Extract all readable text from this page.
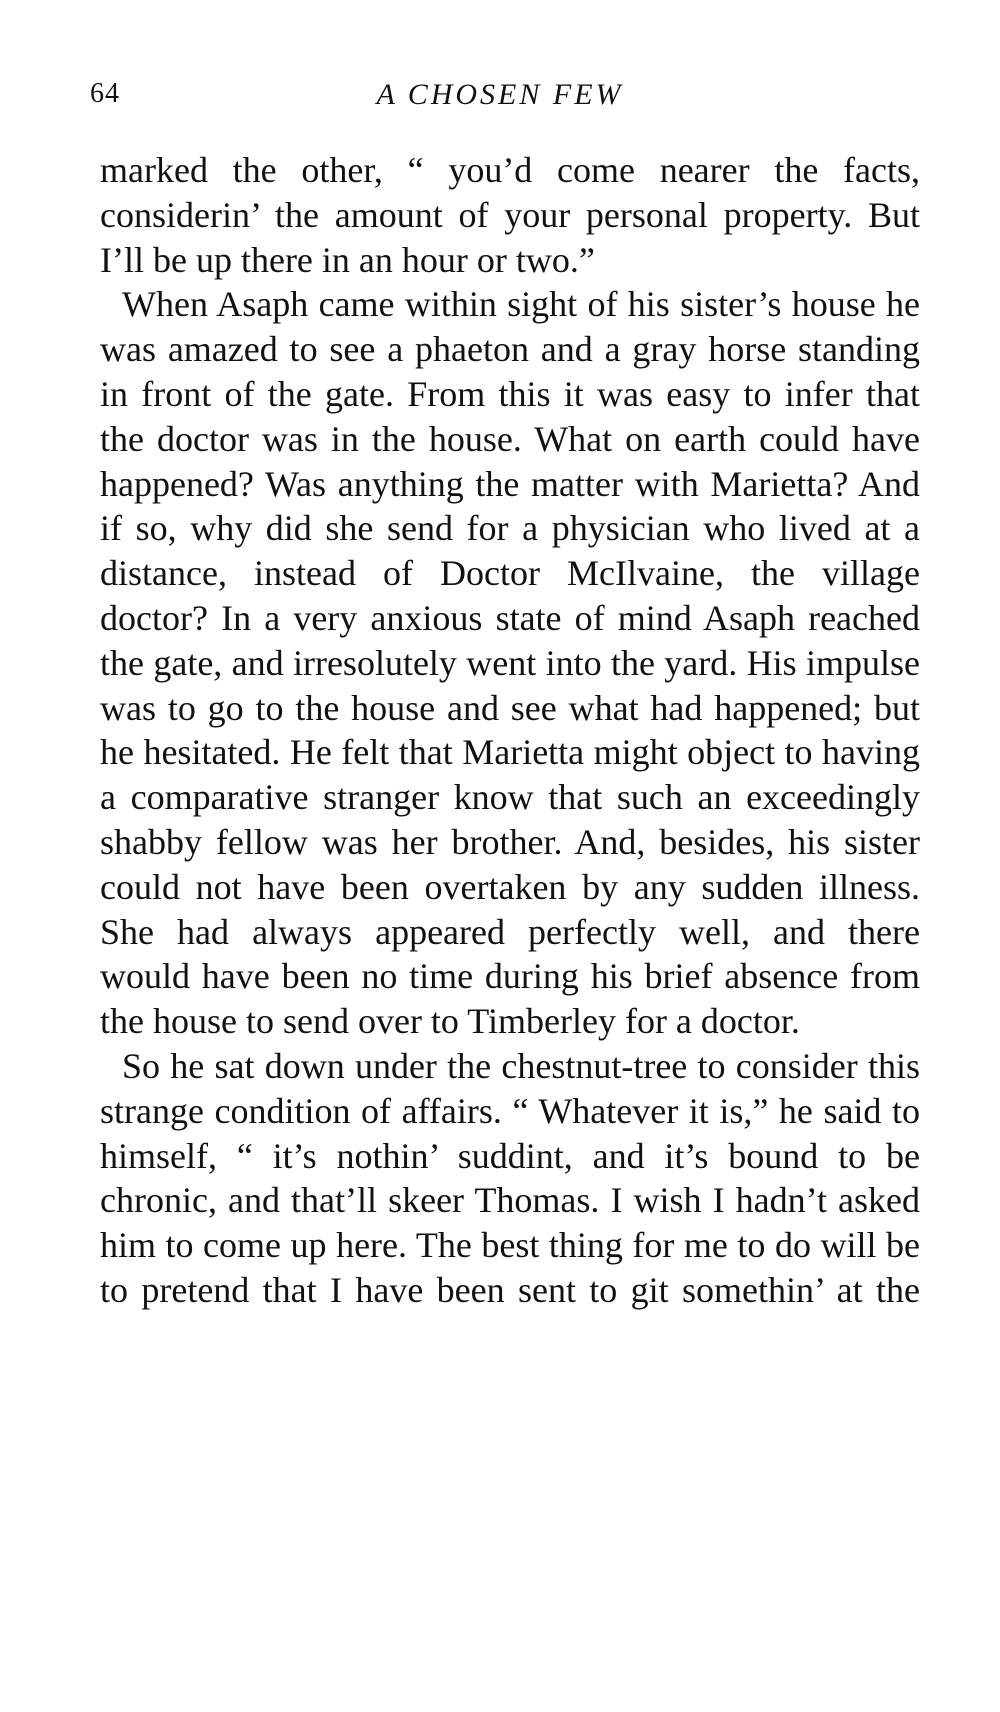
64	A CHOSEN FEW

marked the other, “ you’d come nearer the facts, considerin’ the amount of your personal property. But I’ll be up there in an hour or two.”

When Asaph came within sight of his sister’s house he was amazed to see a phaeton and a gray horse standing in front of the gate. From this it was easy to infer that the doctor was in the house. What on earth could have happened? Was anything the matter with Marietta? And if so, why did she send for a physician who lived at a distance, instead of Doctor McIlvaine, the village doctor? In a very anxious state of mind Asaph reached the gate, and irresolutely went into the yard. His impulse was to go to the house and see what had happened; but he hesitated. He felt that Marietta might object to having a comparative stranger know that such an exceedingly shabby fellow was her brother. And, besides, his sister could not have been overtaken by any sudden illness. She had always appeared perfectly well, and there would have been no time during his brief absence from the house to send over to Timberley for a doctor.

So he sat down under the chestnut-tree to consider this strange condition of affairs. “ Whatever it is,” he said to himself, “ it’s nothin’ suddint, and it’s bound to be chronic, and that’ll skeer Thomas. I wish I hadn’t asked him to come up here. The best thing for me to do will be to pretend that I have been sent to git somethin’ at the
